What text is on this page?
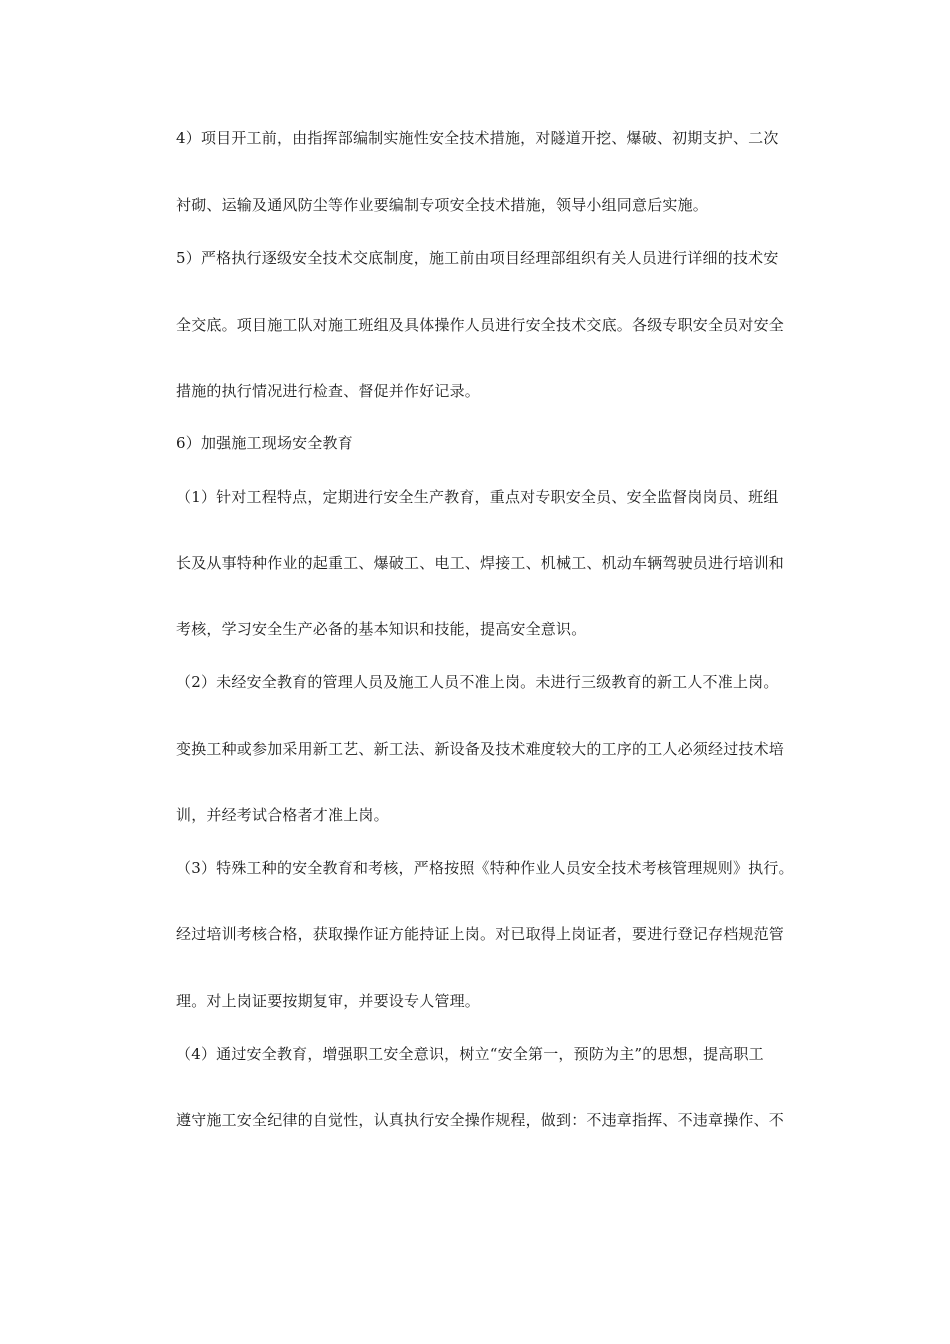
4）项目开工前，由指挥部编制实施性安全技术措施，对隧道开挖、爆破、初期支护、二次
衬砌、运输及通风防尘等作业要编制专项安全技术措施，领导小组同意后实施。
5）严格执行逐级安全技术交底制度，施工前由项目经理部组织有关人员进行详细的技术安
全交底。项目施工队对施工班组及具体操作人员进行安全技术交底。各级专职安全员对安全
措施的执行情况进行检查、督促并作好记录。
6）加强施工现场安全教育
（1）针对工程特点，定期进行安全生产教育，重点对专职安全员、安全监督岗岗员、班组
长及从事特种作业的起重工、爆破工、电工、焊接工、机械工、机动车辆驾驶员进行培训和
考核，学习安全生产必备的基本知识和技能，提高安全意识。
（2）未经安全教育的管理人员及施工人员不准上岗。未进行三级教育的新工人不准上岗。
变换工种或参加采用新工艺、新工法、新设备及技术难度较大的工序的工人必须经过技术培
训，并经考试合格者才准上岗。
（3）特殊工种的安全教育和考核，严格按照《特种作业人员安全技术考核管理规则》执行。
经过培训考核合格，获取操作证方能持证上岗。对已取得上岗证者，要进行登记存档规范管
理。对上岗证要按期复审，并要设专人管理。
（4）通过安全教育，增强职工安全意识，树立“安全第一，预防为主”的思想，提高职工
遵守施工安全纪律的自觉性，认真执行安全操作规程，做到：不违章指挥、不违章操作、不
